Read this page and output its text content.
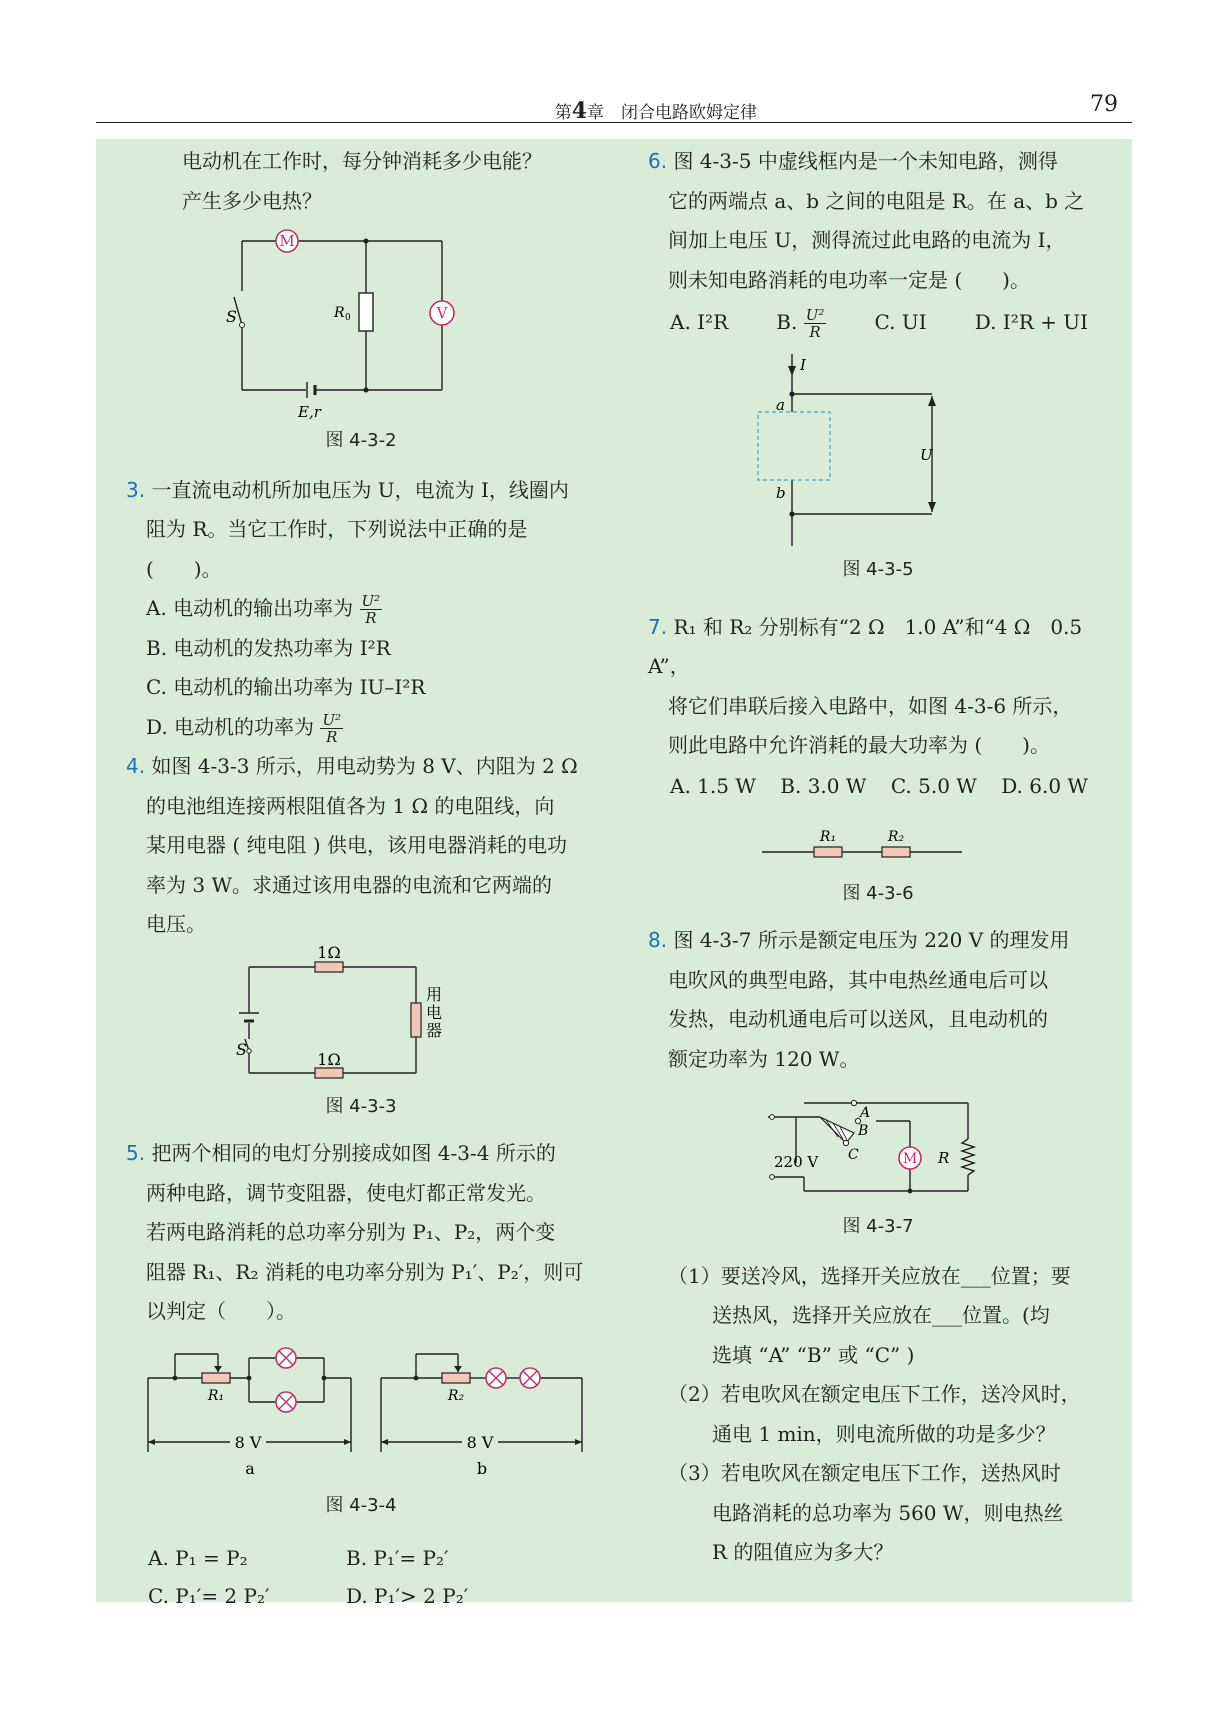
第4章　 闭合电路欧姆定律	79

电动机在工作时，每分钟消耗多少电能？

产生多少电热？

M
V
S	R 0
E,r

图 4-3-2

3. 一直流电动机所加电压为 U，电流为 I，线圈内

阻为 R。当它工作时，下列说法中正确的是(　　)。

A. 电动机的输出功率为 $\frac{\text{U²}}{R}$

B. 电动机的发热功率为 I²R

C. 电动机的输出功率为 IU–I²R

D. 电动机的功率为 $\frac{\text{U²}}{R}$

4. 如图 4-3-3 所示，用电动势为 8 V、内阻为 2 Ω

的电池组连接两根阻值各为 1 Ω 的电阻线，向

某用电器 ( 纯电阻 ) 供电，该用电器消耗的电功

率为 3 W。求通过该用电器的电流和它两端的

电压。

1Ω
1Ω
S
用
电
器

图 4-3-3

5. 把两个相同的电灯分别接成如图 4-3-4 所示的

两种电路，调节变阻器，使电灯都正常发光。

若两电路消耗的总功率分别为 P₁、P₂，两个变

阻器 R₁、R₂ 消耗的电功率分别为 P₁′、P₂′，则可

以判定（　　）。

R₁	R₂
8 V	8 V
a	b

图 4-3-4

A. P₁ = P₂	B. P₁′= P₂′
C. P₁′= 2 P₂′	D. P₁′> 2 P₂′

6. 图 4-3-5 中虚线框内是一个未知电路，测得

它的两端点 a、b 之间的电阻是 R。在 a、b 之

间加上电压 U，测得流过此电路的电流为 I，

则未知电路消耗的电功率一定是 (　　)。

A. I²R B. $\frac{\text{U²}}{R} C$. UI D. I²R + UI
I
a
b
U

图 4-3-5

7. R₁ 和 R₂ 分别标有“2 Ω　1.0 A”和“4 Ω　0.5 A”，

将它们串联后接入电路中，如图 4-3-6 所示，

则此电路中允许消耗的最大功率为 (　　)。

A. 1.5 W B. 3.0 W C. 5.0 W D. 6.0 W
R₁	R₂

图 4-3-6

8. 图 4-3-7 所示是额定电压为 220 V 的理发用

电吹风的典型电路，其中电热丝通电后可以

发热，电动机通电后可以送风，且电动机的

额定功率为 120 W。

M
A
B
C	R
220 V

图 4-3-7

（1）要送冷风，选择开关应放在___位置；要

送热风，选择开关应放在___位置。(均

选填 “A” “B” 或 “C” )

（2）若电吹风在额定电压下工作，送冷风时，

通电 1 min，则电流所做的功是多少？

（3）若电吹风在额定电压下工作，送热风时

电路消耗的总功率为 560 W，则电热丝

R 的阻值应为多大？
